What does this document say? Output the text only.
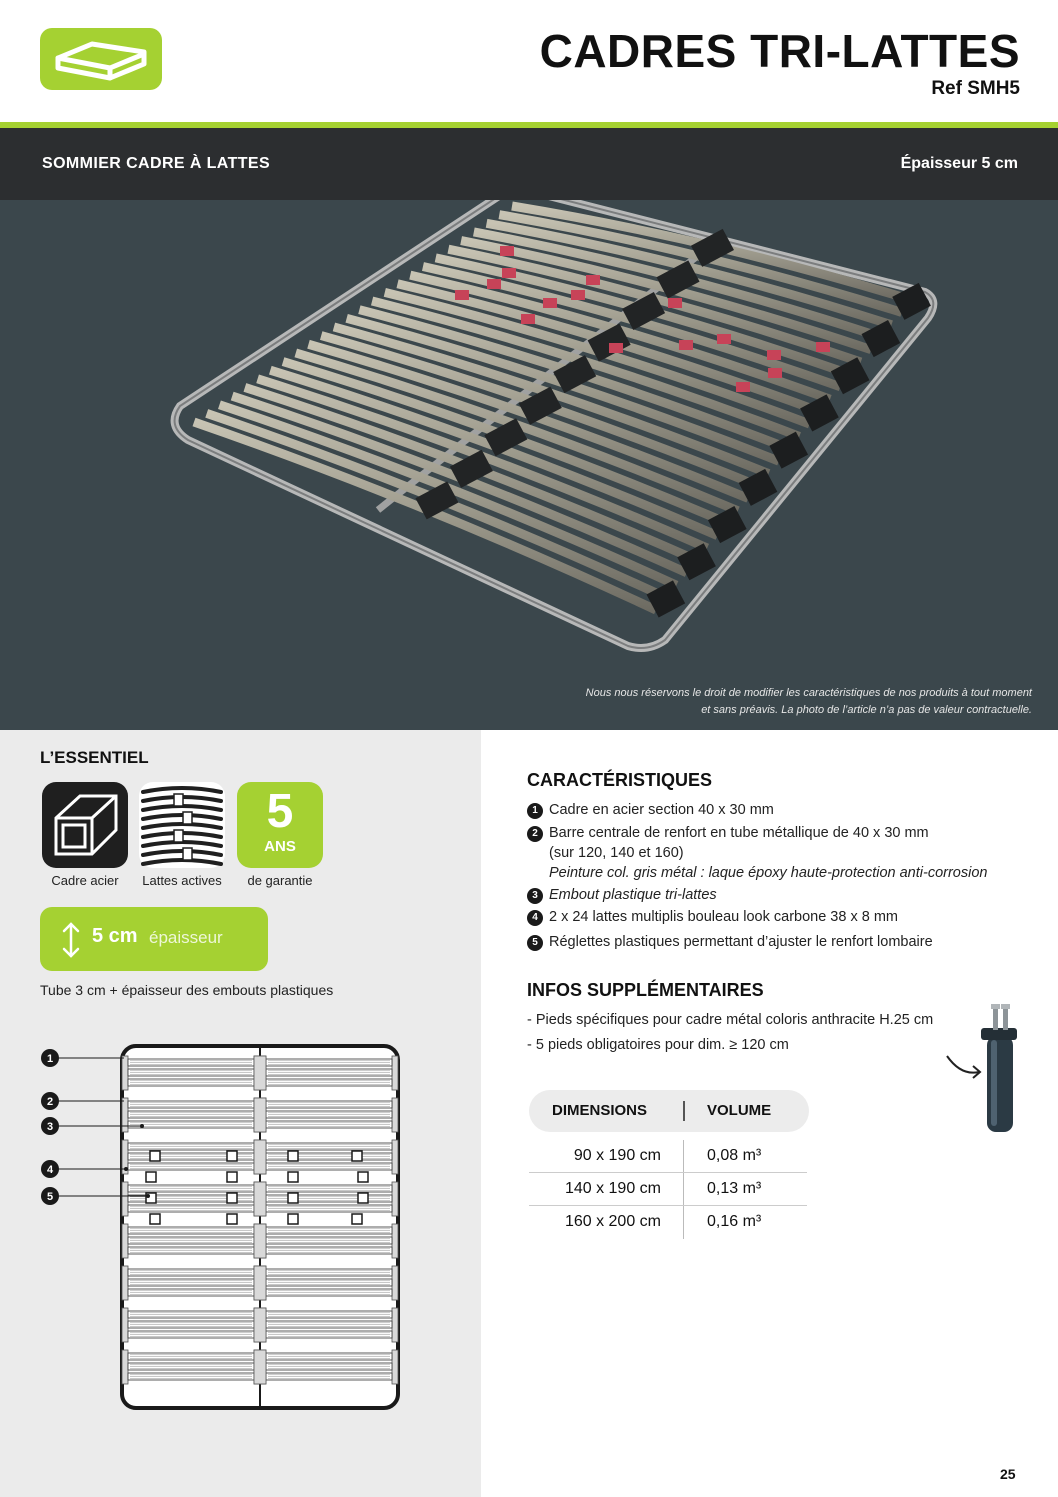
CADRES TRI-LATTES
Ref SMH5
SOMMIER CADRE À LATTES	Épaisseur 5 cm
Nous nous réservons le droit de modifier les caractéristiques de nos produits à tout moment
et sans préavis. La photo de l’article n’a pas de valeur contractuelle.
L’ESSENTIEL
5
ANS
Cadre acier	Lattes actives	de garantie
5 cm épaisseur
Tube 3 cm + épaisseur des embouts plastiques
1
2
3
4
5
CARACTÉRISTIQUES
1 Cadre en acier section 40 x 30 mm
2 Barre centrale de renfort en tube métallique de 40 x 30 mm
(sur 120, 140 et 160)
Peinture col. gris métal : laque époxy haute-protection anti-corrosion
3 Embout plastique tri-lattes
4 2 x 24 lattes multiplis bouleau look carbone 38 x 8 mm
5 Réglettes plastiques permettant d’ajuster le renfort lombaire
INFOS SUPPLÉMENTAIRES
- Pieds spécifiques pour cadre métal coloris anthracite H.25 cm
- 5 pieds obligatoires pour dim. ≥ 120 cm
DIMENSIONS	VOLUME
90 x 190 cm	0,08 m³
140 x 190 cm	0,13 m³
160 x 200 cm	0,16 m³
25
